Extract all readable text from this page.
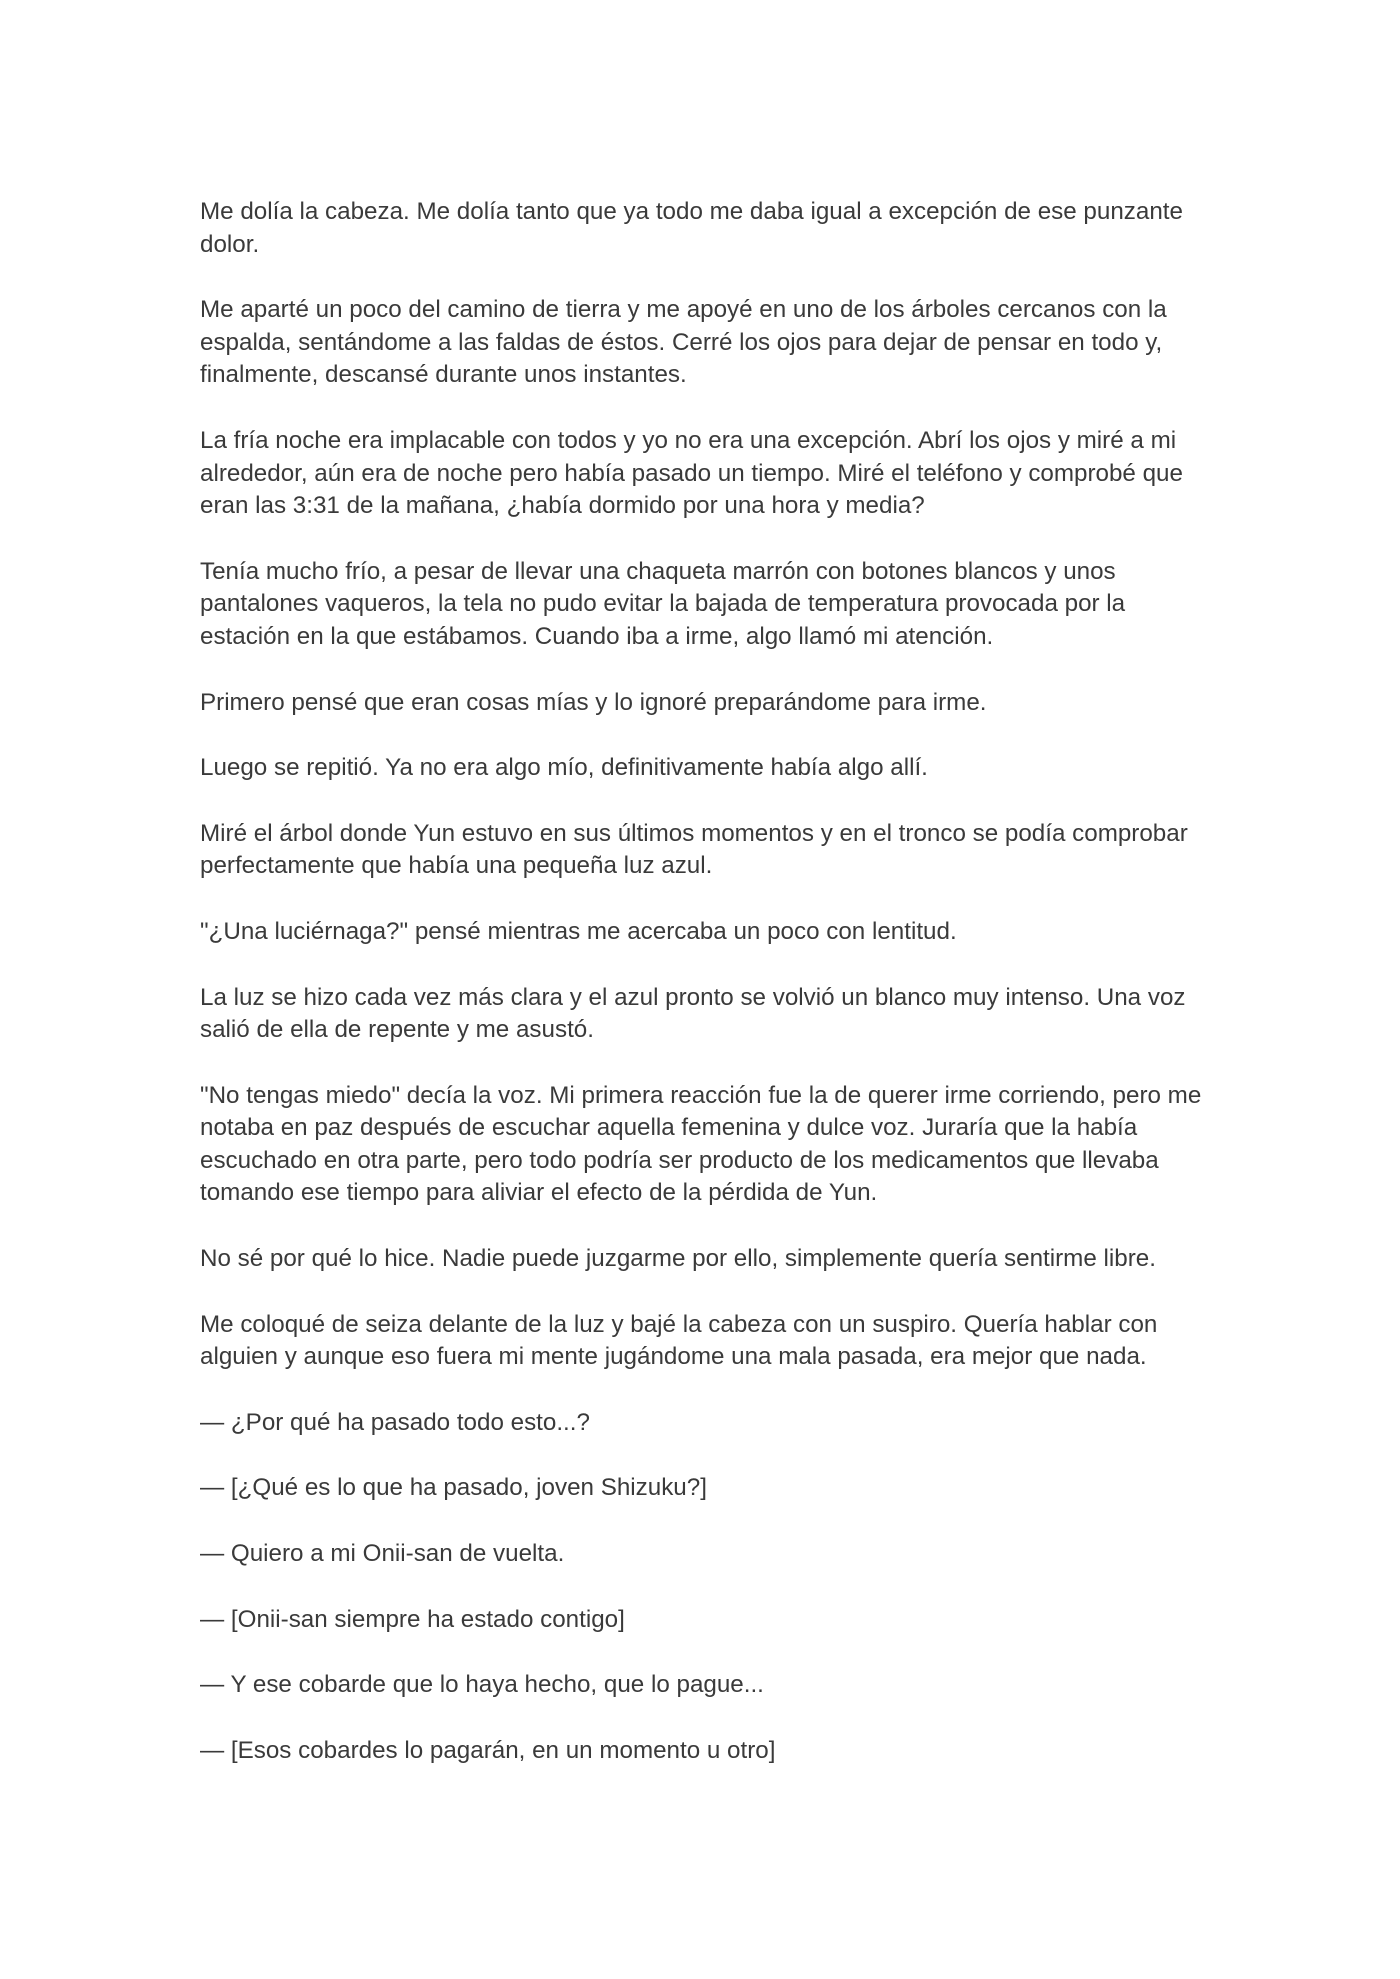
Me dolía la cabeza. Me dolía tanto que ya todo me daba igual a excepción de ese punzante dolor.

Me aparté un poco del camino de tierra y me apoyé en uno de los árboles cercanos con la espalda, sentándome a las faldas de éstos. Cerré los ojos para dejar de pensar en todo y, finalmente, descansé durante unos instantes.

La fría noche era implacable con todos y yo no era una excepción. Abrí los ojos y miré a mi alrededor, aún era de noche pero había pasado un tiempo. Miré el teléfono y comprobé que eran las 3:31 de la mañana, ¿había dormido por una hora y media?

Tenía mucho frío, a pesar de llevar una chaqueta marrón con botones blancos y unos pantalones vaqueros, la tela no pudo evitar la bajada de temperatura provocada por la estación en la que estábamos. Cuando iba a irme, algo llamó mi atención.

Primero pensé que eran cosas mías y lo ignoré preparándome para irme.

Luego se repitió. Ya no era algo mío, definitivamente había algo allí.

Miré el árbol donde Yun estuvo en sus últimos momentos y en el tronco se podía comprobar perfectamente que había una pequeña luz azul.

"¿Una luciérnaga?" pensé mientras me acercaba un poco con lentitud.

La luz se hizo cada vez más clara y el azul pronto se volvió un blanco muy intenso. Una voz salió de ella de repente y me asustó.

"No tengas miedo" decía la voz. Mi primera reacción fue la de querer irme corriendo, pero me notaba en paz después de escuchar aquella femenina y dulce voz. Juraría que la había escuchado en otra parte, pero todo podría ser producto de los medicamentos que llevaba tomando ese tiempo para aliviar el efecto de la pérdida de Yun.

No sé por qué lo hice. Nadie puede juzgarme por ello, simplemente quería sentirme libre.

Me coloqué de seiza delante de la luz y bajé la cabeza con un suspiro. Quería hablar con alguien y aunque eso fuera mi mente jugándome una mala pasada, era mejor que nada.

— ¿Por qué ha pasado todo esto...?

— [¿Qué es lo que ha pasado, joven Shizuku?]

— Quiero a mi Onii-san de vuelta.

— [Onii-san siempre ha estado contigo]

— Y ese cobarde que lo haya hecho, que lo pague...

— [Esos cobardes lo pagarán, en un momento u otro]
